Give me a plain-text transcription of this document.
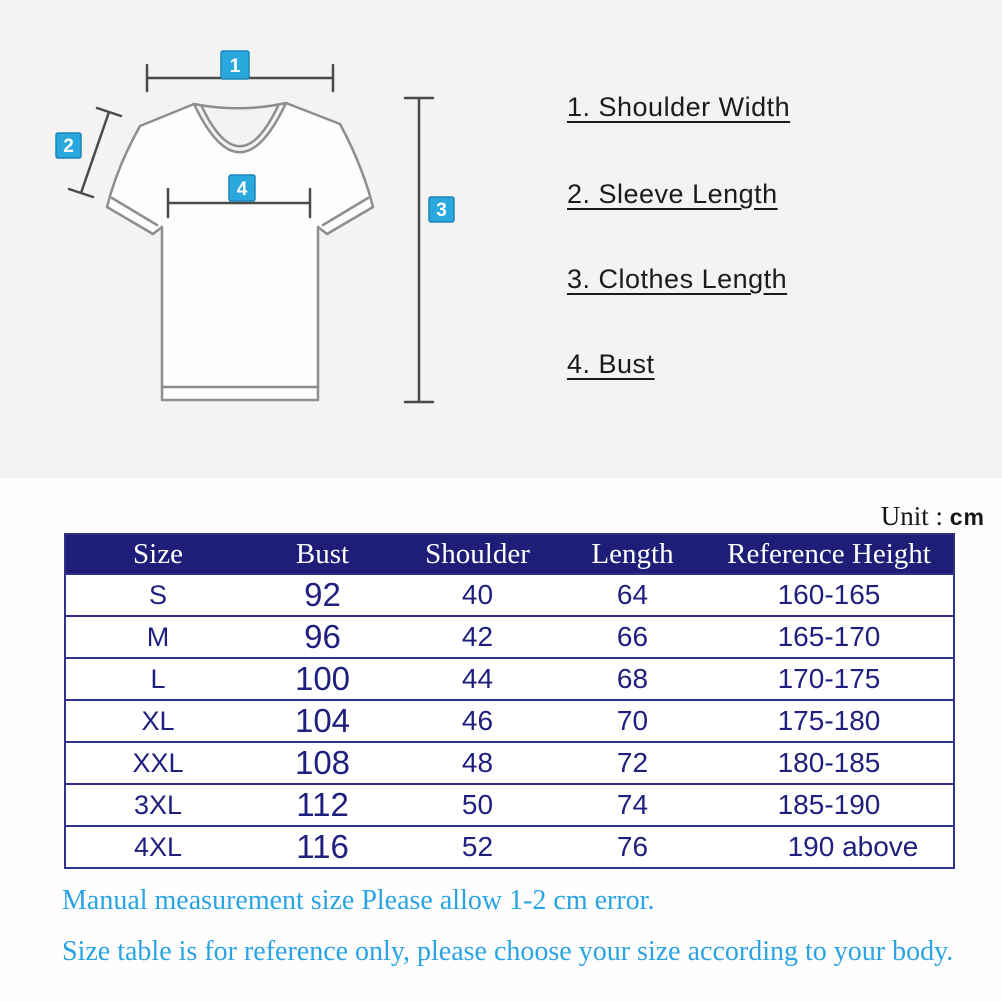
1
2
3
4
1. Shoulder Width
2. Sleeve Length
3. Clothes Length
4. Bust
Unit : cm
Size	Bust	Shoulder	Length	Reference Height
S	92	40	64	160-165
M	96	42	66	165-170
L	100	44	68	170-175
XL	104	46	70	175-180
XXL	108	48	72	180-185
3XL	112	50	74	185-190
4XL	116	52	76	190 above

Manual measurement size Please allow 1-2 cm error.

Size table is for reference only, please choose your size according to your body.
